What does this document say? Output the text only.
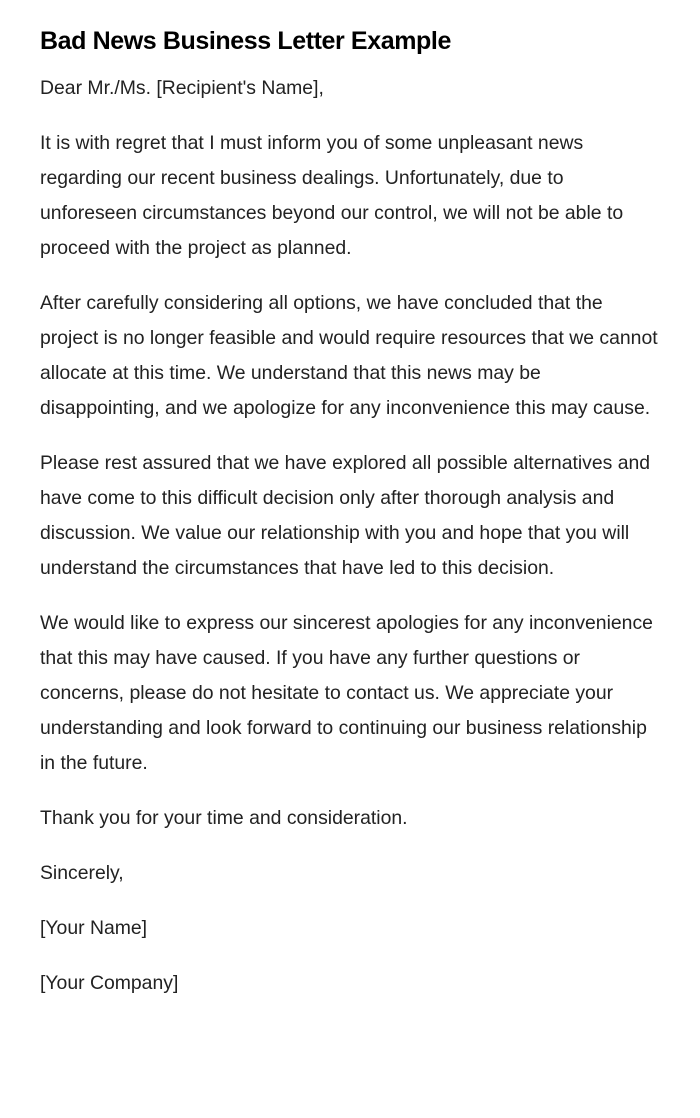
Bad News Business Letter Example

Dear Mr./Ms. [Recipient's Name],

It is with regret that I must inform you of some unpleasant news regarding our recent business dealings. Unfortunately, due to unforeseen circumstances beyond our control, we will not be able to proceed with the project as planned.

After carefully considering all options, we have concluded that the project is no longer feasible and would require resources that we cannot allocate at this time. We understand that this news may be disappointing, and we apologize for any inconvenience this may cause.

Please rest assured that we have explored all possible alternatives and have come to this difficult decision only after thorough analysis and discussion. We value our relationship with you and hope that you will understand the circumstances that have led to this decision.

We would like to express our sincerest apologies for any inconvenience that this may have caused. If you have any further questions or concerns, please do not hesitate to contact us. We appreciate your understanding and look forward to continuing our business relationship in the future.

Thank you for your time and consideration.

Sincerely,

[Your Name]

[Your Company]
